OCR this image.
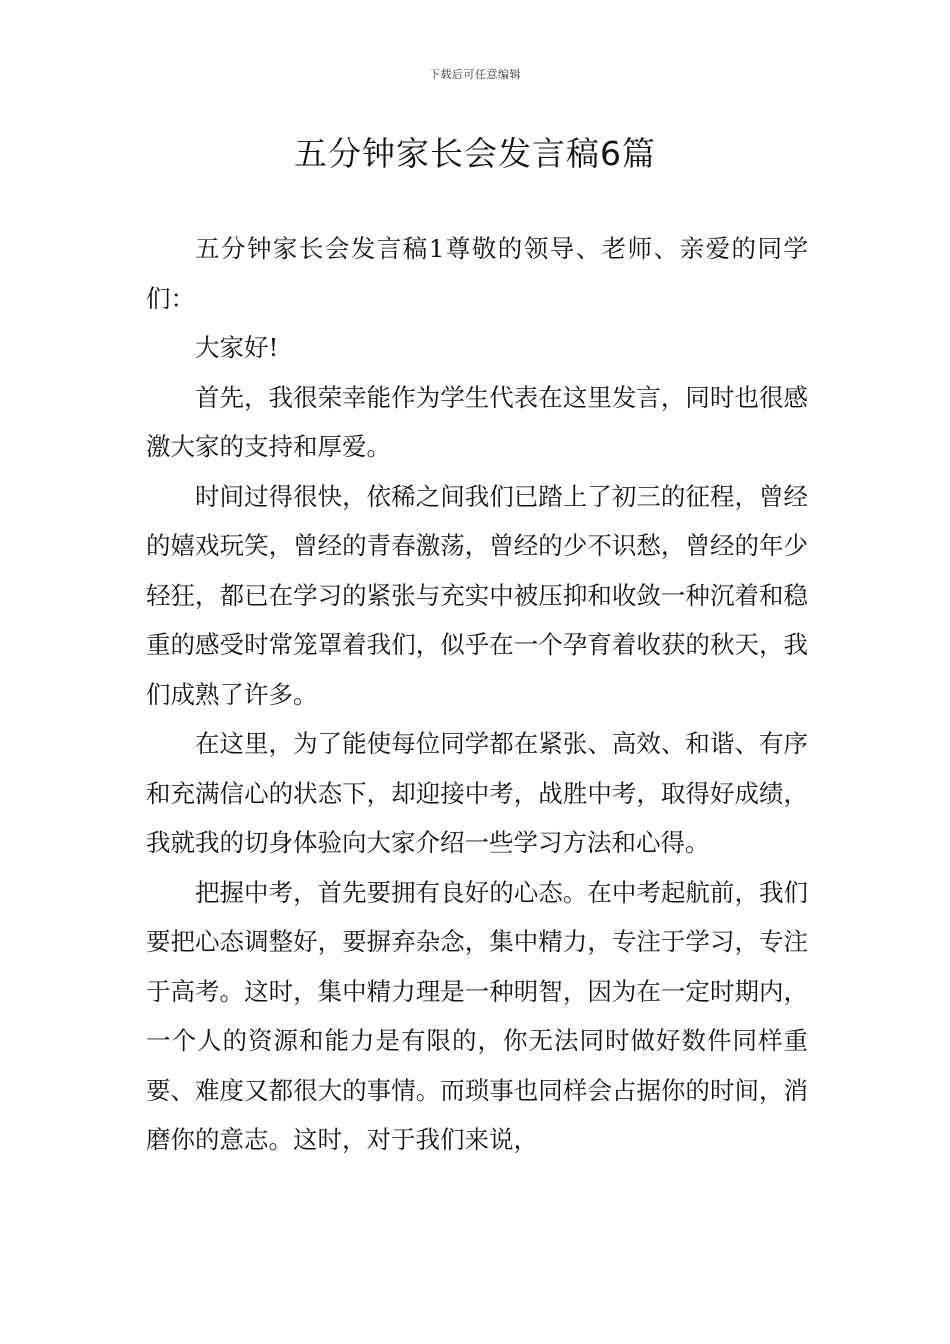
下载后可任意编辑
五分钟家长会发言稿6篇

五分钟家长会发言稿1尊敬的领导、老师、亲爱的同学们：

大家好!

首先，我很荣幸能作为学生代表在这里发言，同时也很感激大家的支持和厚爱。

时间过得很快，依稀之间我们已踏上了初三的征程，曾经的嬉戏玩笑，曾经的青春激荡，曾经的少不识愁，曾经的年少轻狂，都已在学习的紧张与充实中被压抑和收敛一种沉着和稳重的感受时常笼罩着我们，似乎在一个孕育着收获的秋天，我们成熟了许多。

在这里，为了能使每位同学都在紧张、高效、和谐、有序和充满信心的状态下，却迎接中考，战胜中考，取得好成绩，我就我的切身体验向大家介绍一些学习方法和心得。

把握中考，首先要拥有良好的心态。在中考起航前，我们要把心态调整好，要摒弃杂念，集中精力，专注于学习，专注于高考。这时，集中精力理是一种明智，因为在一定时期内，一个人的资源和能力是有限的，你无法同时做好数件同样重要、难度又都很大的事情。而琐事也同样会占据你的时间，消磨你的意志。这时，对于我们来说，
